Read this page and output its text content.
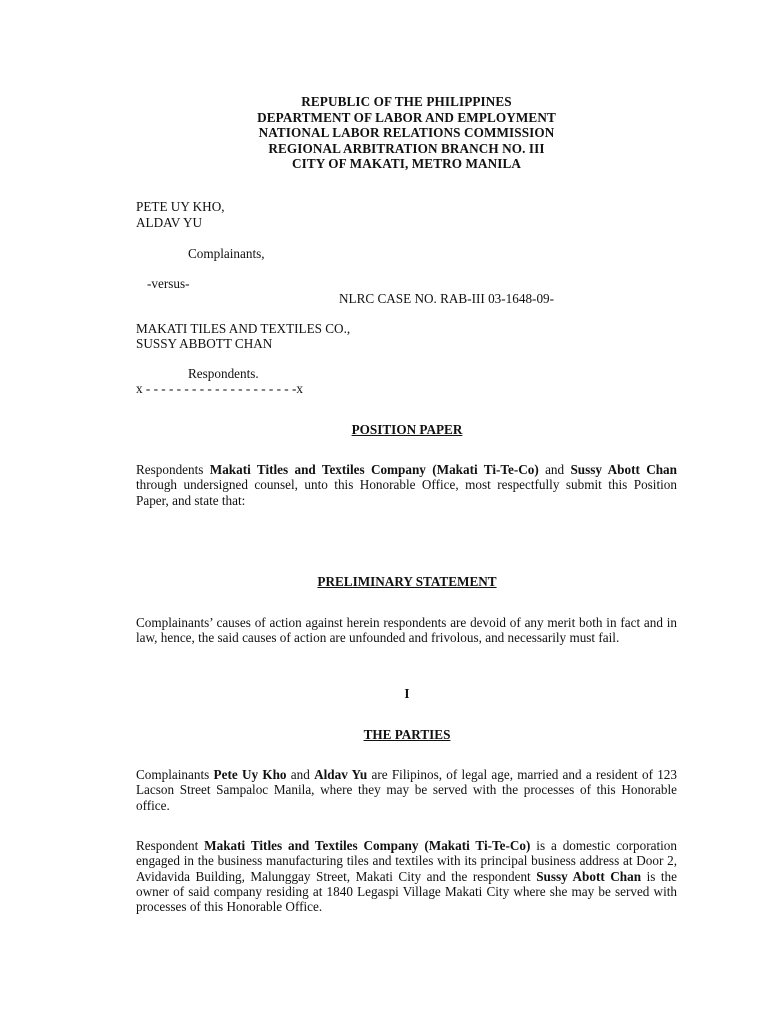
REPUBLIC OF THE PHILIPPINES
DEPARTMENT OF LABOR AND EMPLOYMENT
NATIONAL LABOR RELATIONS COMMISSION
REGIONAL ARBITRATION BRANCH NO. III
CITY OF MAKATI, METRO MANILA
PETE UY KHO,
ALDAV YU
Complainants,
-versus-
NLRC CASE NO. RAB-III 03-1648-09-
MAKATI TILES AND TEXTILES CO.,
SUSSY ABBOTT CHAN
Respondents.
x - - - - - - - - - - - - - - - - - - - -x
POSITION PAPER
Respondents Makati Titles and Textiles Company (Makati Ti-Te-Co) and Sussy Abott Chan through undersigned counsel, unto this Honorable Office, most respectfully submit this Position Paper, and state that:
PRELIMINARY STATEMENT
Complainants’ causes of action against herein respondents are devoid of any merit both in fact and in law, hence, the said causes of action are unfounded and frivolous, and necessarily must fail.
I
THE PARTIES
Complainants Pete Uy Kho and Aldav Yu are Filipinos, of legal age, married and a resident of 123 Lacson Street Sampaloc Manila, where they may be served with the processes of this Honorable office.
Respondent Makati Titles and Textiles Company (Makati Ti-Te-Co) is a domestic corporation engaged in the business manufacturing tiles and textiles with its principal business address at Door 2, Avidavida Building, Malunggay Street, Makati City and the respondent Sussy Abott Chan is the owner of said company residing at 1840 Legaspi Village Makati City where she may be served with processes of this Honorable Office.
